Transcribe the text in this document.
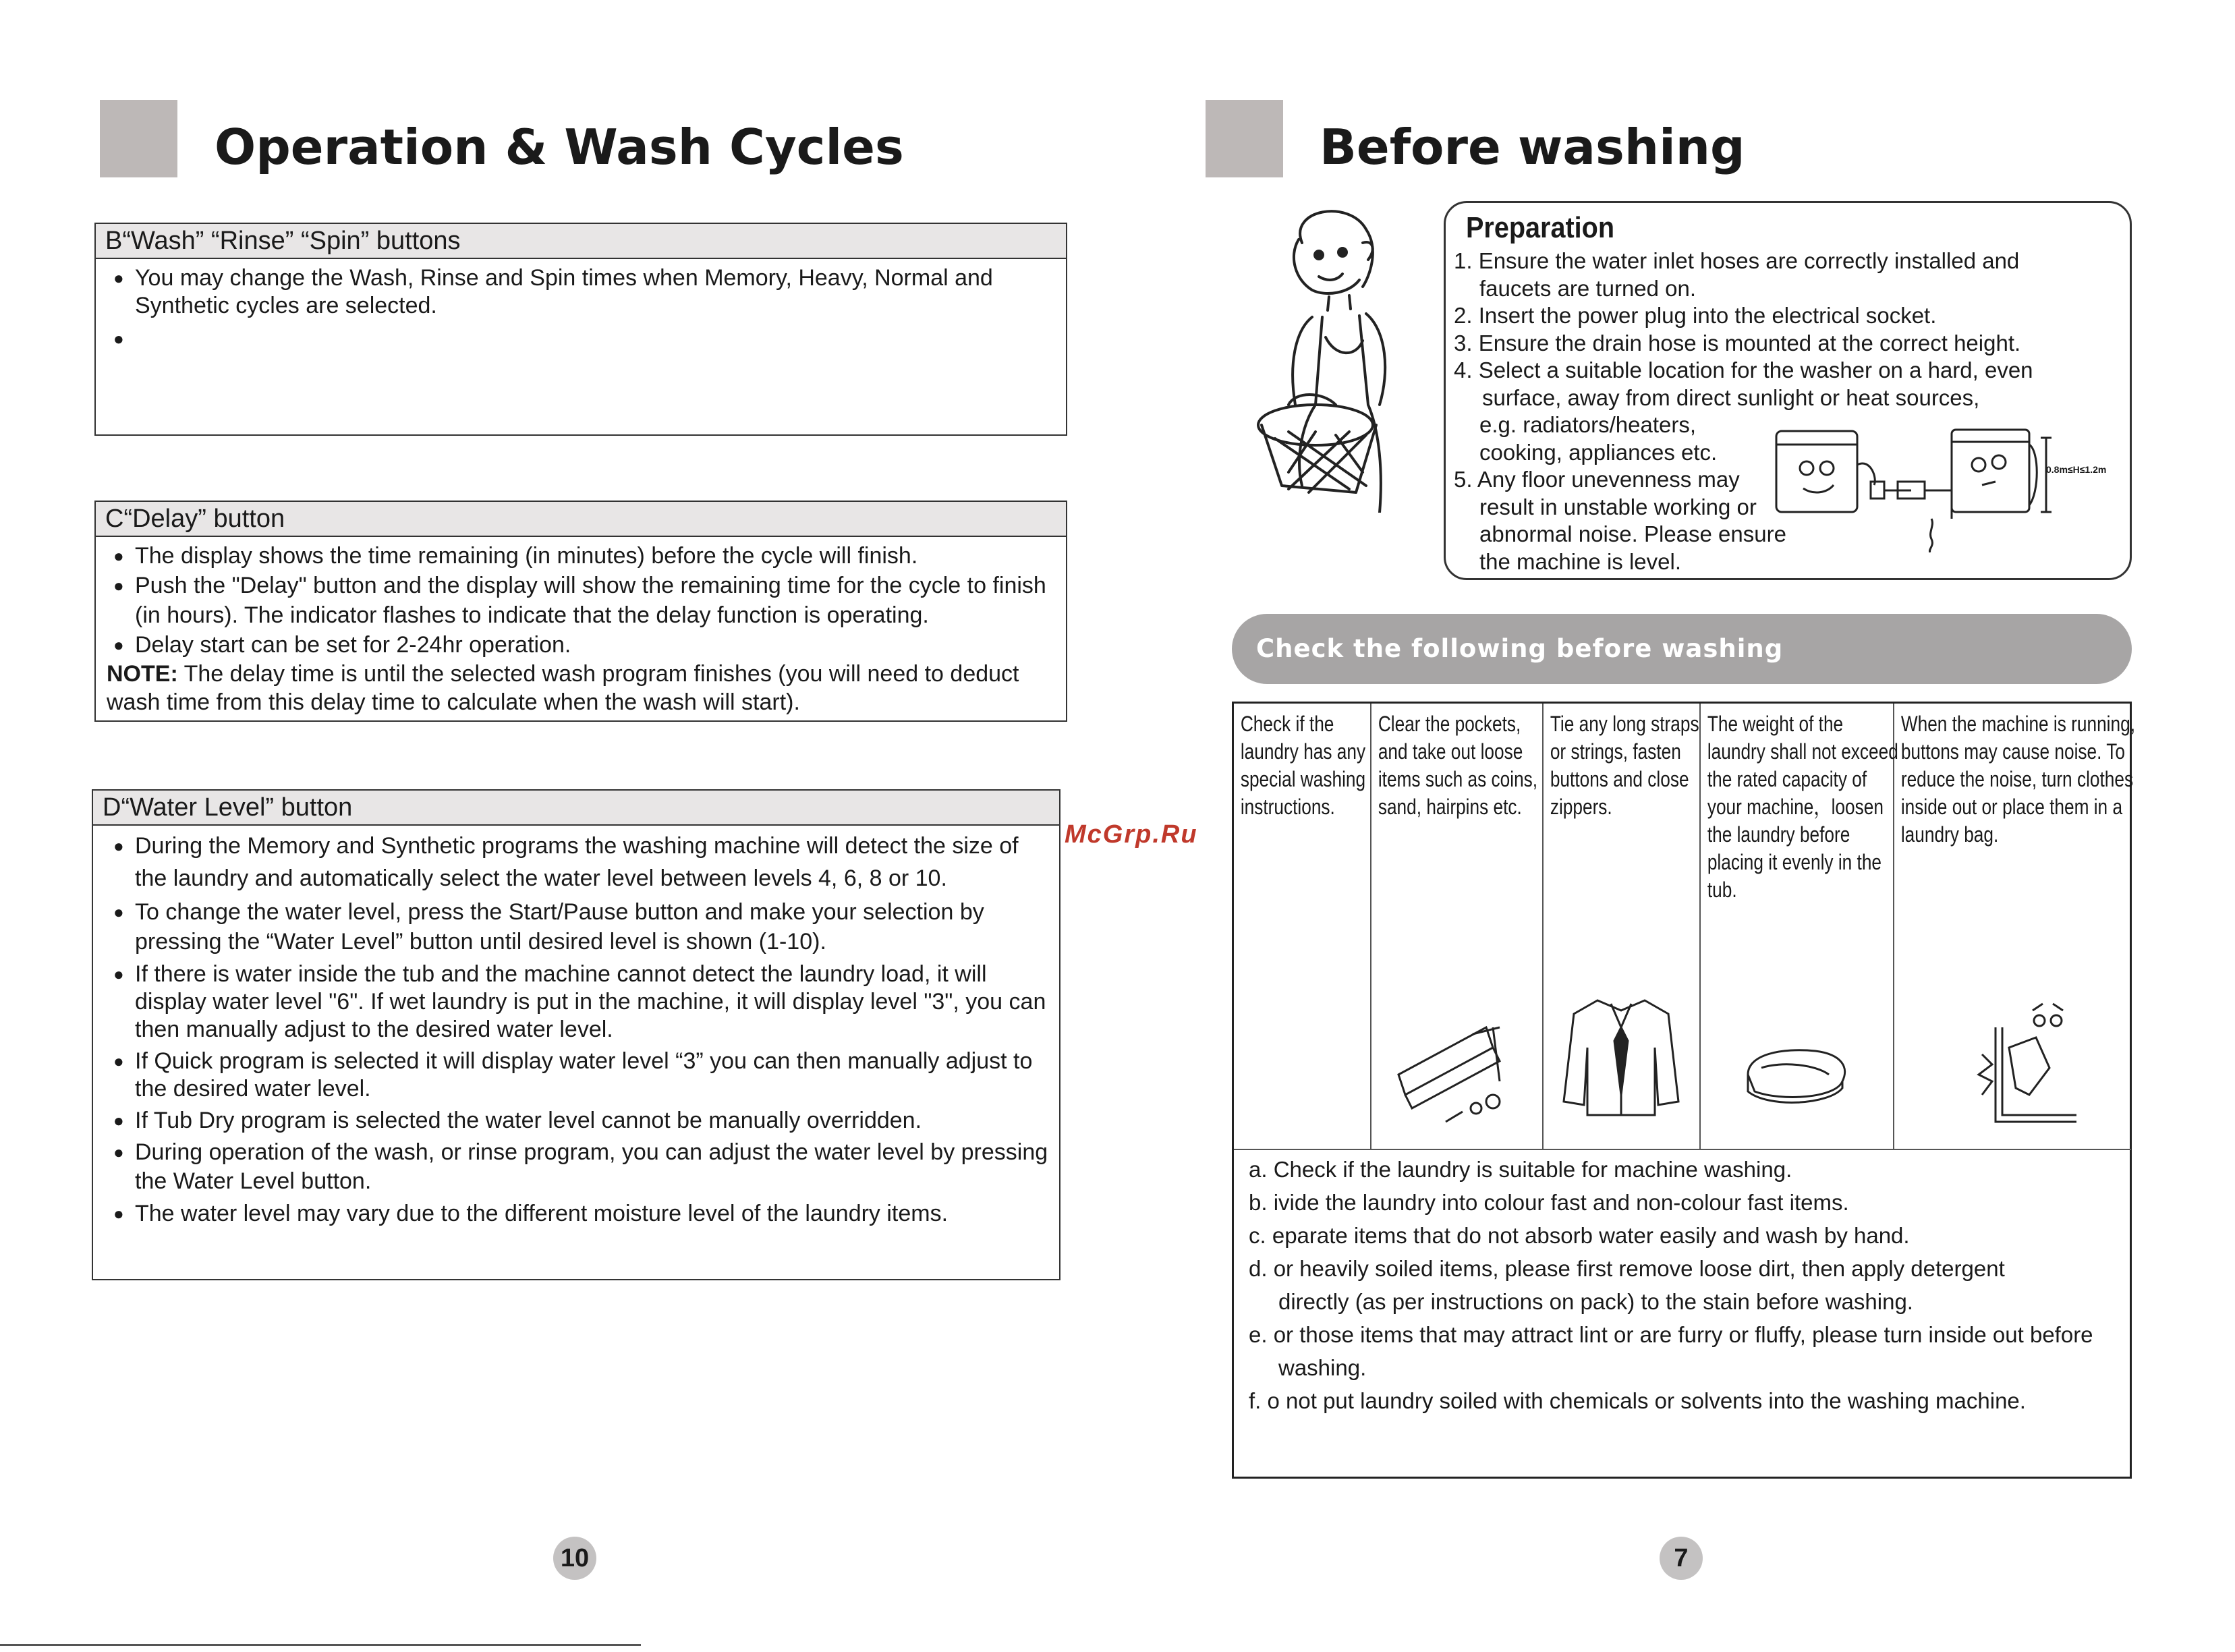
Operation & Wash Cycles
B“Wash” “Rinse” “Spin” buttons
● You may change the Wash, Rinse and Spin times when Memory, Heavy, Normal and Synthetic cycles are selected.
C“Delay” button
● The display shows the time remaining (in minutes) before the cycle will finish.
● Push the "Delay" button and the display will show the remaining time for the cycle to finish (in hours). The indicator flashes to indicate that the delay function is operating.
● Delay start can be set for 2-24hr operation.
NOTE: The delay time is until the selected wash program finishes (you will need to deduct wash time from this delay time to calculate when the wash will start).
D“Water Level” button
● During the Memory and Synthetic programs the washing machine will detect the size of the laundry and automatically select the water level between levels 4, 6, 8 or 10.
● To change the water level, press the Start/Pause button and make your selection by pressing the “Water Level” button until desired level is shown (1-10).
● If there is water inside the tub and the machine cannot detect the laundry load, it will display water level "6". If wet laundry is put in the machine, it will display level "3", you can then manually adjust to the desired water level.
● If Quick program is selected it will display water level “3” you can then manually adjust to the desired water level.
● If Tub Dry program is selected the water level cannot be manually overridden.
● During operation of the wash, or rinse program, you can adjust the water level by pressing the Water Level button.
● The water level may vary due to the different moisture level of the laundry items.
McGrp.Ru
10
Before washing
Preparation
1. Ensure the water inlet hoses are correctly installed and
faucets are turned on.
2. Insert the power plug into the electrical socket.
3. Ensure the drain hose is mounted at the correct height.
4. Select a suitable location for the washer on a hard, even
surface, away from direct sunlight or heat sources,
e.g. radiators/heaters,
cooking, appliances etc.
5. Any floor unevenness may
result in unstable working or
abnormal noise. Please ensure
the machine is level.
0.8m≤H≤1.2m
Check the following before washing
Check if the laundry has any special washing instructions.
Clear the pockets, and take out loose items such as coins, sand, hairpins etc.
Tie any long straps or strings, fasten buttons and close zippers.
The weight of the laundry shall not exceed the rated capacity of your machine，loosen the laundry before placing it evenly in the tub.
When the machine is running, buttons may cause noise. To reduce the noise, turn clothes inside out or place them in a laundry bag.
a. Check if the laundry is suitable for machine washing.
b. ivide the laundry into colour fast and non-colour fast items.
c. eparate items that do not absorb water easily and wash by hand.
d. or heavily soiled items, please first remove loose dirt, then apply detergent
directly (as per instructions on pack) to the stain before washing.
e. or those items that may attract lint or are furry or fluffy, please turn inside out before
washing.
f. o not put laundry soiled with chemicals or solvents into the washing machine.
7
